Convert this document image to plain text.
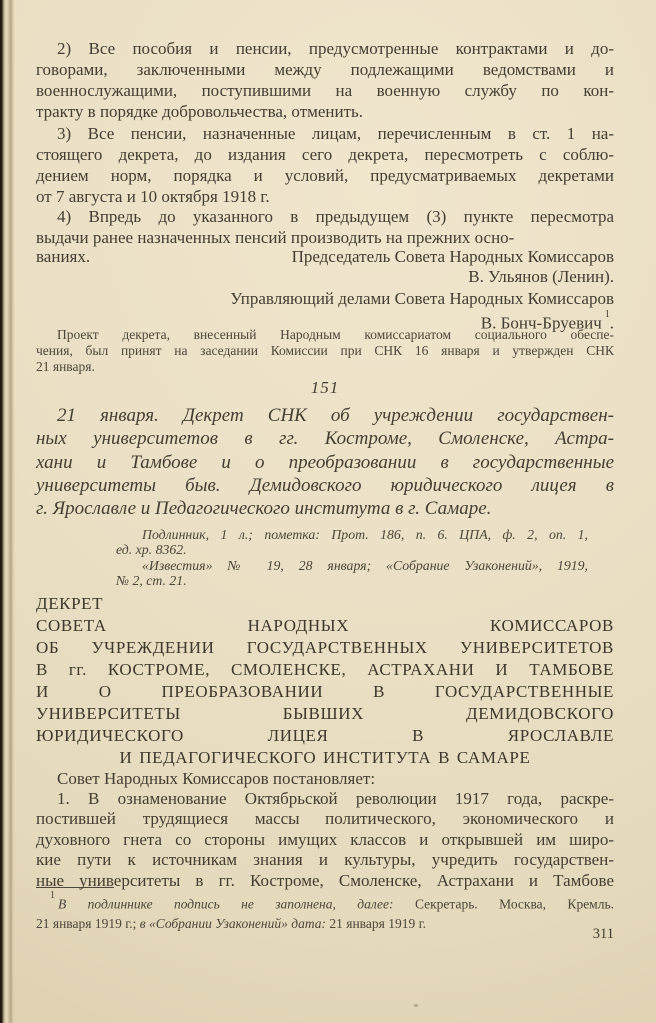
2) Все пособия и пенсии, предусмотренные контрактами и до-
говорами, заключенными между подлежащими ведомствами и
военнослужащими, поступившими на военную службу по кон-
тракту в порядке добровольчества, отменить.
3) Все пенсии, назначенные лицам, перечисленным в ст. 1 на-
стоящего декрета, до издания сего декрета, пересмотреть с соблю-
дением норм, порядка и условий, предусматриваемых декретами
от 7 августа и 10 октября 1918 г.
4) Впредь до указанного в предыдущем (3) пункте пересмотра
выдачи ранее назначенных пенсий производить на прежних осно-
ваниях.	Председатель Совета Народных Комиссаров
В. Ульянов (Ленин).
Управляющий делами Совета Народных Комиссаров
В. Бонч-Бруевич $^1$.
Проект декрета, внесенный Народным комиссариатом социального обеспе-
чения, был принят на заседании Комиссии при СНК 16 января и утвержден СНК
21 января.
151
21 января. Декрет СНК об учреждении государствен-
ных университетов в гг. Костроме, Смоленске, Астра-
хани и Тамбове и о преобразовании в государственные
университеты быв. Демидовского юридического лицея в
г. Ярославле и Педагогического института в г. Самаре.
Подлинник, 1 л.; пометка: Прот. 186, п. 6. ЦПА, ф. 2, оп. 1,
ед. хр. 8362.
«Известия» № 19, 28 января; «Собрание Узаконений», 1919,
№ 2, ст. 21.
ДЕКРЕТ
СОВЕТА НАРОДНЫХ КОМИССАРОВ
ОБ УЧРЕЖДЕНИИ ГОСУДАРСТВЕННЫХ УНИВЕРСИТЕТОВ
В гг. КОСТРОМЕ, СМОЛЕНСКЕ, АСТРАХАНИ И ТАМБОВЕ
И О ПРЕОБРАЗОВАНИИ В ГОСУДАРСТВЕННЫЕ
УНИВЕРСИТЕТЫ БЫВШИХ ДЕМИДОВСКОГО
ЮРИДИЧЕСКОГО ЛИЦЕЯ В ЯРОСЛАВЛЕ
И ПЕДАГОГИЧЕСКОГО ИНСТИТУТА В САМАРЕ
Совет Народных Комиссаров постановляет:
1. В ознаменование Октябрьской революции 1917 года, раскре-
постившей трудящиеся массы  политического, экономического и
духовного гнета со стороны имущих классов и открывшей им широ-
кие пути к источникам знания и культуры, учредить государствен-
ные университеты в гг. Костроме, Смоленске, Астрахани и Тамбове
$^1$В подлиннике подпись не заполнена, далее: Секретарь. Москва, Кремль.
21 января 1919 г.; в «Собрании Узаконений» дата: 21 января 1919 г.
311
